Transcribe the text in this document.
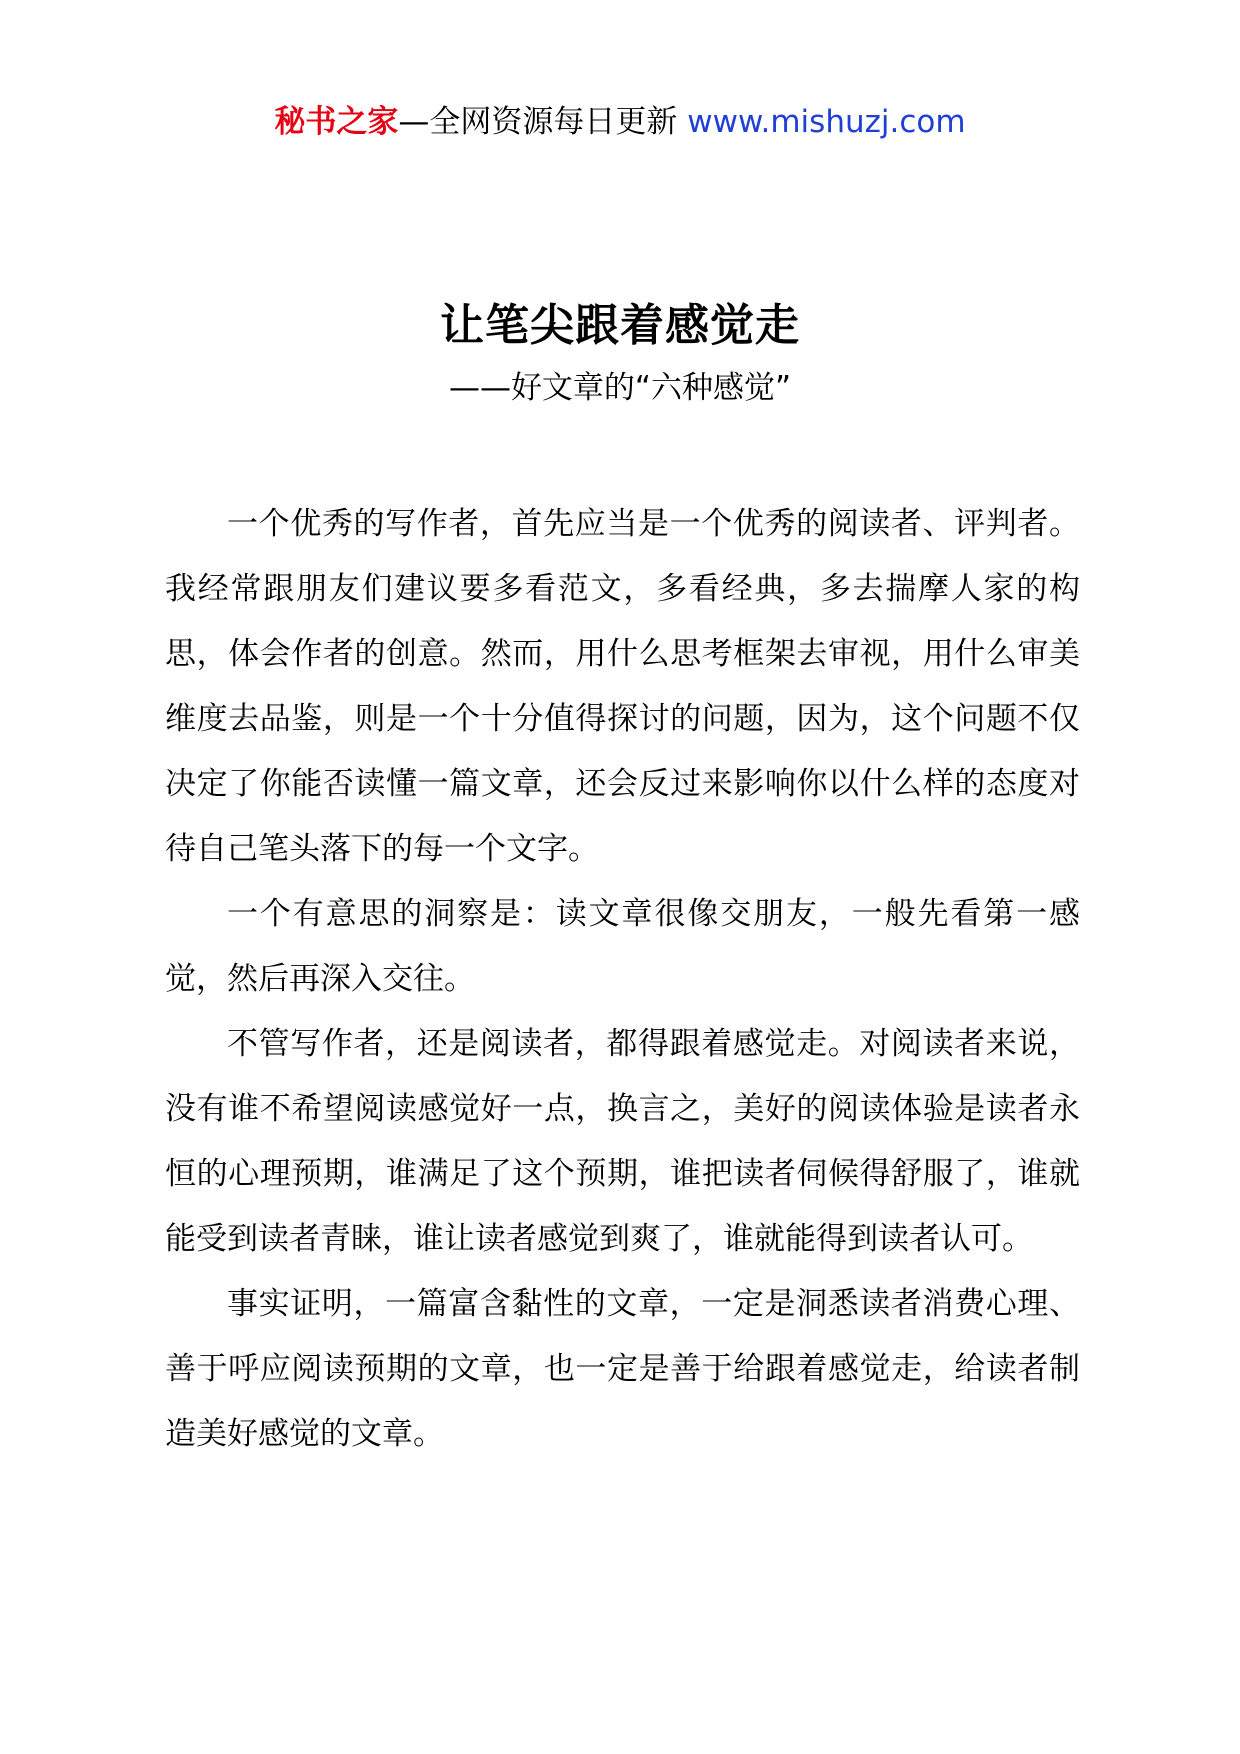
秘书之家—全网资源每日更新 www.mishuzj.com
让笔尖跟着感觉走
——好文章的“六种感觉”

一个优秀的写作者，首先应当是一个优秀的阅读者、评判者。我经常跟朋友们建议要多看范文，多看经典，多去揣摩人家的构思，体会作者的创意。然而，用什么思考框架去审视，用什么审美维度去品鉴，则是一个十分值得探讨的问题，因为，这个问题不仅决定了你能否读懂一篇文章，还会反过来影响你以什么样的态度对待自己笔头落下的每一个文字。

一个有意思的洞察是：读文章很像交朋友，一般先看第一感觉，然后再深入交往。

不管写作者，还是阅读者，都得跟着感觉走。对阅读者来说，没有谁不希望阅读感觉好一点，换言之，美好的阅读体验是读者永恒的心理预期，谁满足了这个预期，谁把读者伺候得舒服了，谁就能受到读者青睐，谁让读者感觉到爽了，谁就能得到读者认可。

事实证明，一篇富含黏性的文章，一定是洞悉读者消费心理、善于呼应阅读预期的文章，也一定是善于给跟着感觉走，给读者制造美好感觉的文章。
